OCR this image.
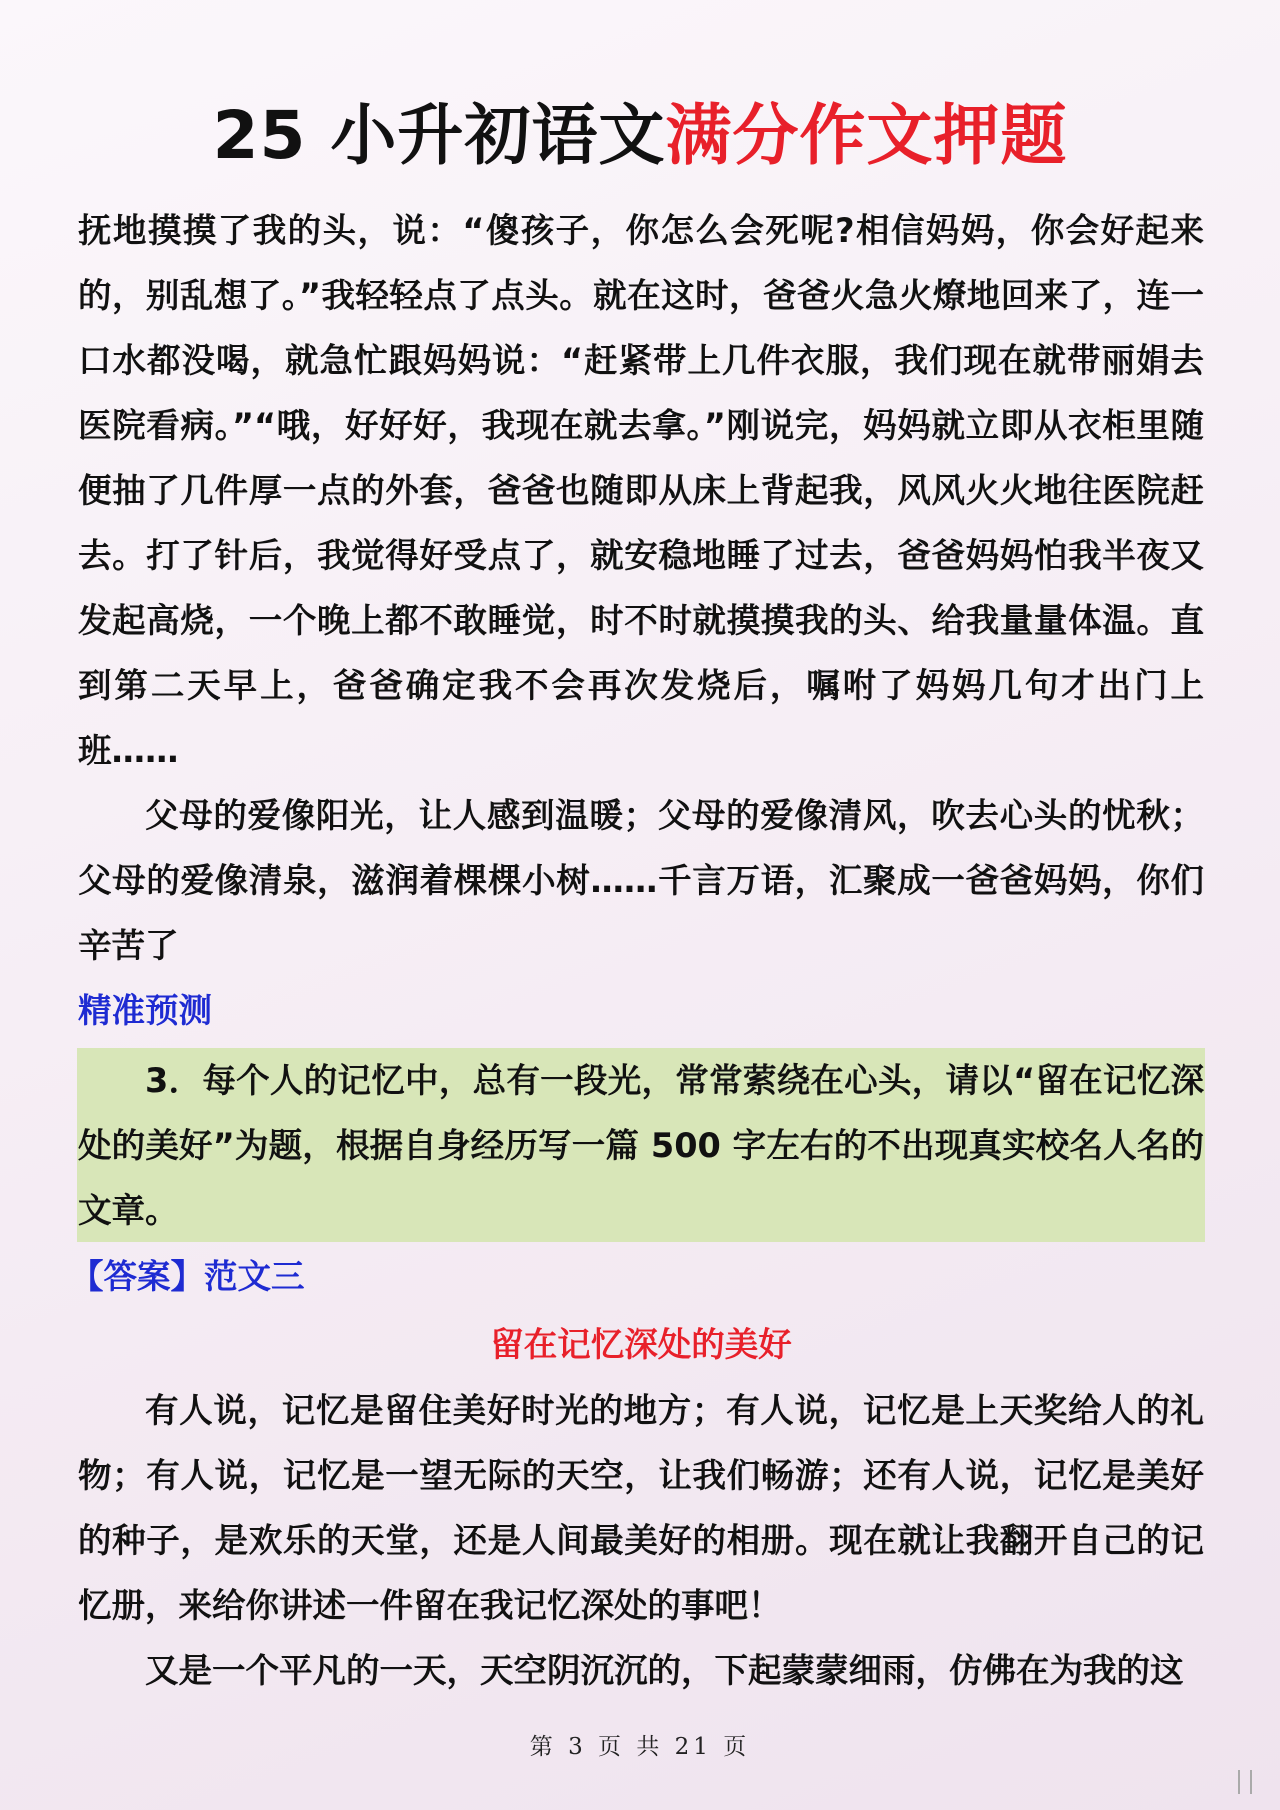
25 小升初语文满分作文押题

抚地摸摸了我的头，说：“傻孩子，你怎么会死呢?相信妈妈，你会好起来的，别乱想了。”我轻轻点了点头。就在这时，爸爸火急火燎地回来了，连一口水都没喝，就急忙跟妈妈说：“赶紧带上几件衣服，我们现在就带丽娟去医院看病。”“哦，好好好，我现在就去拿。”刚说完，妈妈就立即从衣柜里随便抽了几件厚一点的外套，爸爸也随即从床上背起我，风风火火地往医院赶去。打了针后，我觉得好受点了，就安稳地睡了过去，爸爸妈妈怕我半夜又发起高烧，一个晚上都不敢睡觉，时不时就摸摸我的头、给我量量体温。直到第二天早上，爸爸确定我不会再次发烧后，嘱咐了妈妈几句才出门上班……

父母的爱像阳光，让人感到温暖；父母的爱像清风，吹去心头的忧秋；父母的爱像清泉，滋润着棵棵小树……千言万语，汇聚成一爸爸妈妈，你们辛苦了

精准预测

3．每个人的记忆中，总有一段光，常常萦绕在心头，请以“留在记忆深处的美好”为题，根据自身经历写一篇 500 字左右的不出现真实校名人名的文章。

【答案】范文三

留在记忆深处的美好

有人说，记忆是留住美好时光的地方；有人说，记忆是上天奖给人的礼物；有人说，记忆是一望无际的天空，让我们畅游；还有人说，记忆是美好的种子，是欢乐的天堂，还是人间最美好的相册。现在就让我翻开自己的记忆册，来给你讲述一件留在我记忆深处的事吧！

又是一个平凡的一天，天空阴沉沉的，下起蒙蒙细雨，仿佛在为我的这

第 3 页 共 21 页
